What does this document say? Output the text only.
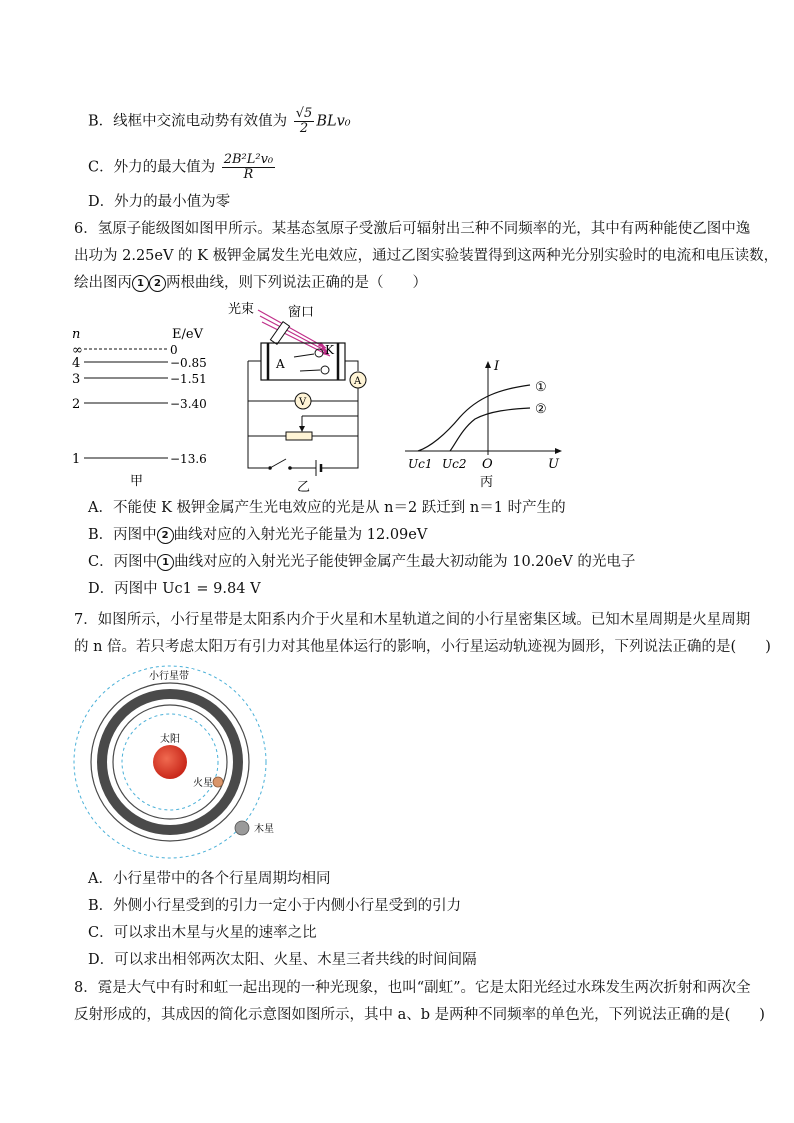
B．线框中交流电动势有效值为 $\frac{√5}{2} BLv_0$
C．外力的最大值为 $\frac{\text{2B²L²v₀}}{R}$
D．外力的最小值为零
6．氢原子能级图如图甲所示。某基态氢原子受激后可辐射出三种不同频率的光，其中有两种能使乙图中逸
出功为 2.25eV 的 K 极钾金属发生光电效应，通过乙图实验装置得到这两种光分别实验时的电流和电压读数，
绘出图丙 1 2 两根曲线，则下列说法正确的是（　　）
n	E/eV
∞
4
3
2
1
0
−0.85
−1.51
−3.40
−13.6
甲
光束	窗口
A
K
A
V
乙
I
U
O
①
②
Uc1 Uc2
丙
A．不能使 K 极钾金属产生光电效应的光是从 n＝2 跃迁到 n＝1 时产生的
B．丙图中 2 曲线对应的入射光光子能量为 12.09eV
C．丙图中 1 曲线对应的入射光光子能使钾金属产生最大初动能为 10.20eV 的光电子
D．丙图中 Uc1 = 9.84 V
7．如图所示，小行星带是太阳系内介于火星和木星轨道之间的小行星密集区域。已知木星周期是火星周期
的 n 倍。若只考虑太阳万有引力对其他星体运行的影响，小行星运动轨迹视为圆形，下列说法正确的是(　　)
太阳
火星
木星
小行星带
A．小行星带中的各个行星周期均相同
B．外侧小行星受到的引力一定小于内侧小行星受到的引力
C．可以求出木星与火星的速率之比
D．可以求出相邻两次太阳、火星、木星三者共线的时间间隔
8．霓是大气中有时和虹一起出现的一种光现象，也叫“副虹”。它是太阳光经过水珠发生两次折射和两次全
反射形成的，其成因的简化示意图如图所示，其中 a、b 是两种不同频率的单色光，下列说法正确的是(　　)
